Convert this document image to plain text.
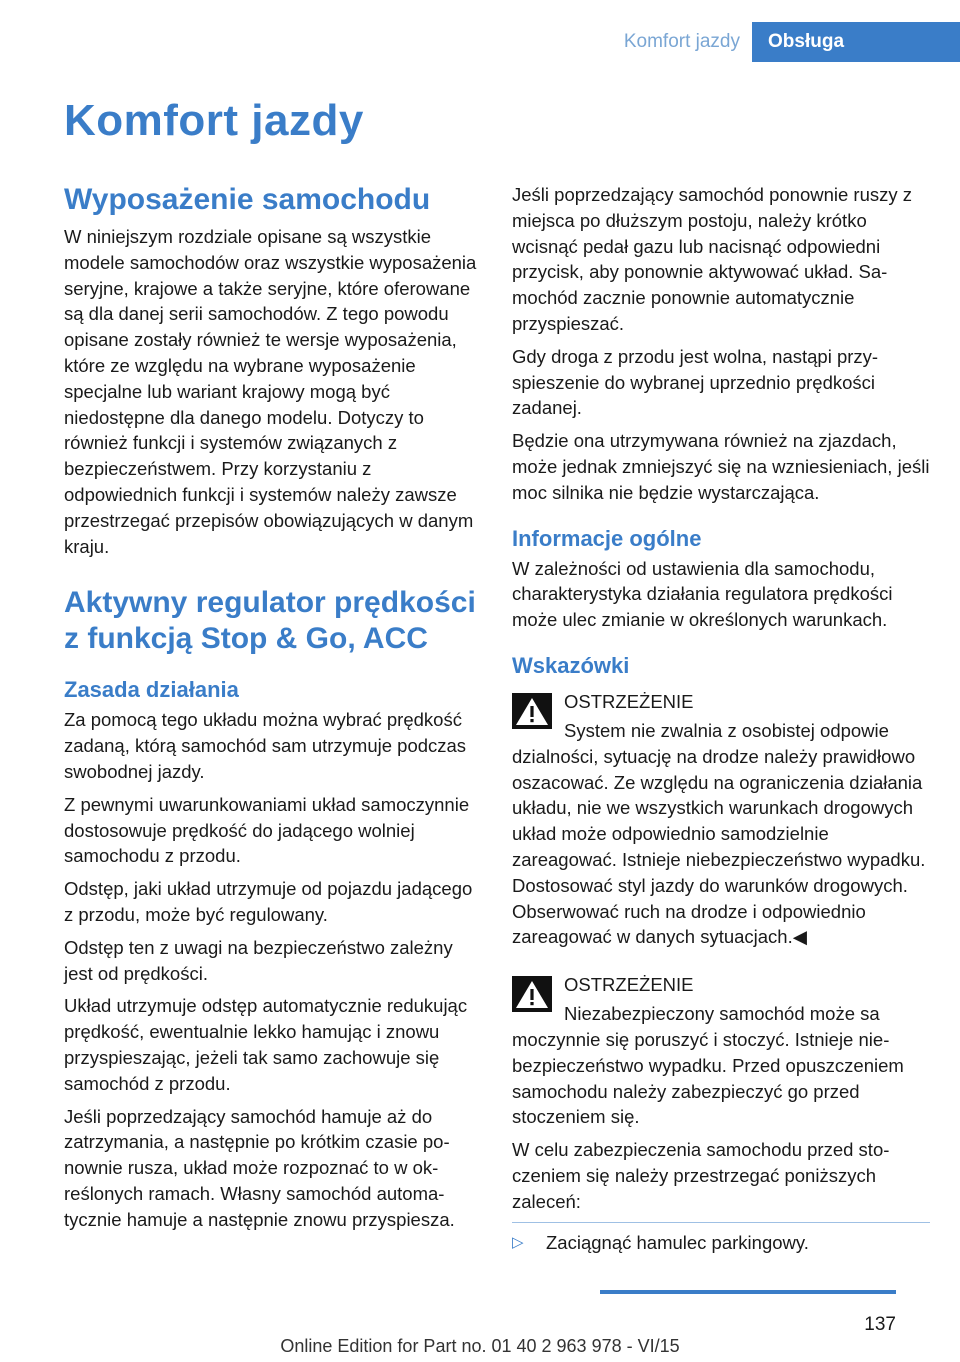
Komfort jazdy	Obsługa
Komfort jazdy
Wyposażenie samochodu

W niniejszym rozdziale opisane są wszystkie modele samochodów oraz wszystkie wyposażenia seryjne, krajowe a także seryjne, które oferowane są dla danej serii samochodów. Z tego powodu opisane zostały również te wersje wyposażenia, które ze względu na wybrane wyposażenie specjalne lub wariant krajowy mogą być niedostępne dla danego modelu. Dotyczy to również funkcji i systemów związanych z bezpieczeństwem. Przy korzystaniu z odpowiednich funkcji i systemów należy zawsze przestrzegać przepisów obowiązujących w danym kraju.

Aktywny regulator prędkości z funkcją Stop & Go, ACC
Zasada działania

Za pomocą tego układu można wybrać prędkość zadaną, którą samochód sam utrzymuje podczas swobodnej jazdy.

Z pewnymi uwarunkowaniami układ samoczynnie dostosowuje prędkość do jadącego wolniej samochodu z przodu.

Odstęp, jaki układ utrzymuje od pojazdu jadącego z przodu, może być regulowany.

Odstęp ten z uwagi na bezpieczeństwo zależny jest od prędkości.

Układ utrzymuje odstęp automatycznie redukując prędkość, ewentualnie lekko hamując i znowu przyspieszając, jeżeli tak samo zachowuje się samochód z przodu.

Jeśli poprzedzający samochód hamuje aż do zatrzymania, a następnie po krótkim czasie ponownie rusza, układ może rozpoznać to w określonych ramach. Własny samochód automatycznie hamuje a następnie znowu przyspiesza.

Jeśli poprzedzający samochód ponownie ruszy z miejsca po dłuższym postoju, należy krótko wcisnąć pedał gazu lub nacisnąć odpowiedni przycisk, aby ponownie aktywować układ. Samochód zacznie ponownie automatycznie przyspieszać.

Gdy droga z przodu jest wolna, nastąpi przyspieszenie do wybranej uprzednio prędkości zadanej.

Będzie ona utrzymywana również na zjazdach, może jednak zmniejszyć się na wzniesieniach, jeśli moc silnika nie będzie wystarczająca.

Informacje ogólne

W zależności od ustawienia dla samochodu, charakterystyka działania regulatora prędkości może ulec zmianie w określonych warunkach.

Wskazówki

OSTRZEŻENIE

System nie zwalnia z osobistej odpowie
dzialności, sytuację na drodze należy prawidłowo oszacować. Ze względu na ograniczenia działania układu, nie we wszystkich warunkach drogowych układ może odpowiednio samodzielnie zareagować. Istnieje niebezpieczeństwo wypadku. Dostosować styl jazdy do warunków drogowych. Obserwować ruch na drodze i odpowiednio zareagować w danych sytuacjach.◀

OSTRZEŻENIE

Niezabezpieczony samochód może sa
moczynnie się poruszyć i stoczyć. Istnieje niebezpieczeństwo wypadku. Przed opuszczeniem samochodu należy zabezpieczyć go przed stoczeniem się.

W celu zabezpieczenia samochodu przed stoczeniem się należy przestrzegać poniższych zaleceń:

▷	Zaciągnąć hamulec parkingowy.
137
Online Edition for Part no. 01 40 2 963 978 - VI/15
